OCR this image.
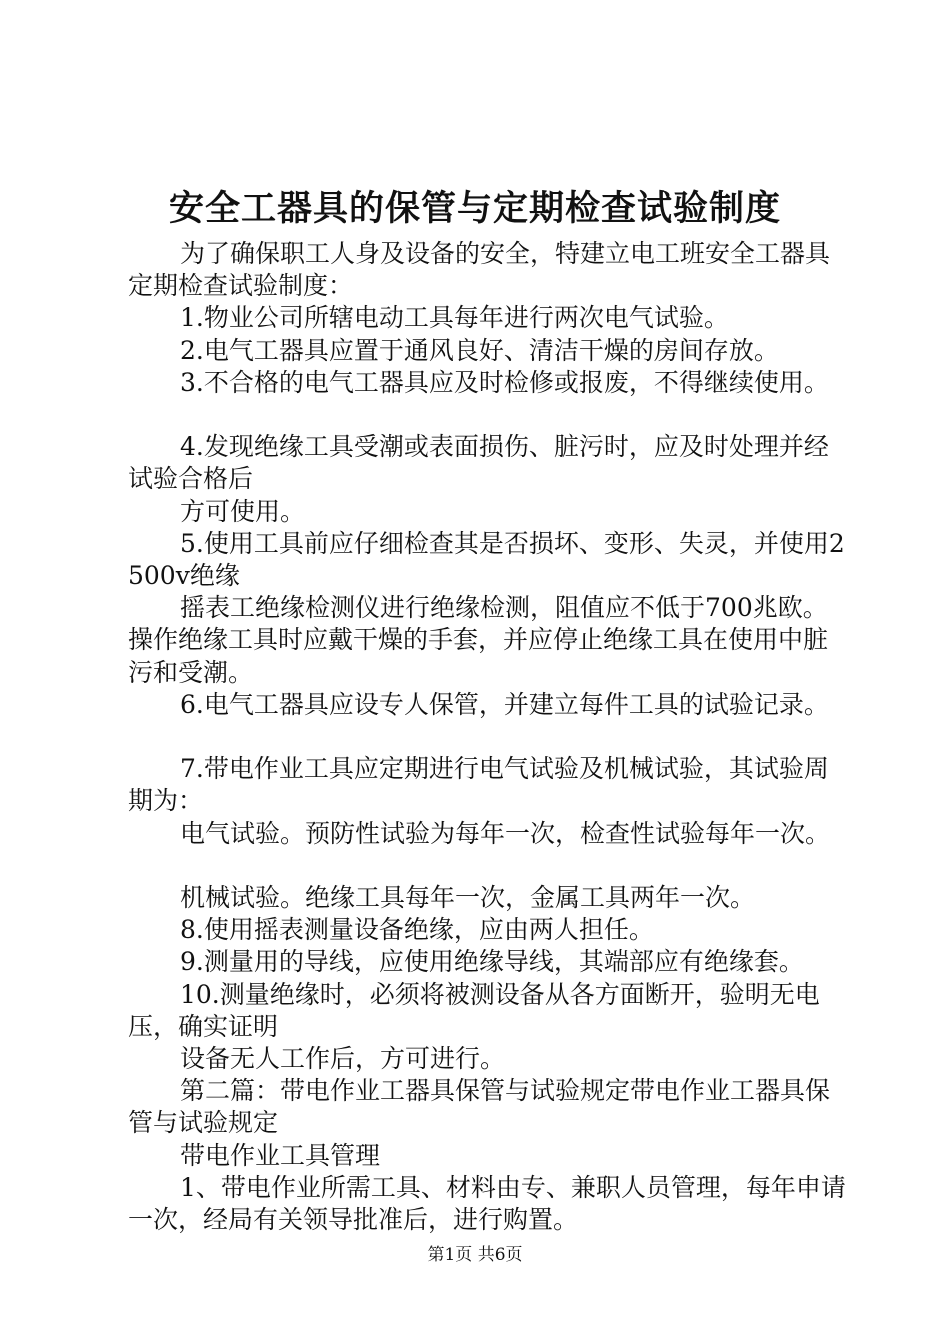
安全工器具的保管与定期检查试验制度

为了确保职工人身及设备的安全，特建立电工班安全工器具定期检查试验制度：

1.物业公司所辖电动工具每年进行两次电气试验。

2.电气工器具应置于通风良好、清洁干燥的房间存放。

3.不合格的电气工器具应及时检修或报废，不得继续使用。

4.发现绝缘工具受潮或表面损伤、脏污时，应及时处理并经试验合格后

方可使用。

5.使用工具前应仔细检查其是否损坏、变形、失灵，并使用2500v绝缘

摇表工绝缘检测仪进行绝缘检测，阻值应不低于700兆欧。操作绝缘工具时应戴干燥的手套，并应停止绝缘工具在使用中脏污和受潮。

6.电气工器具应设专人保管，并建立每件工具的试验记录。

7.带电作业工具应定期进行电气试验及机械试验，其试验周期为：

电气试验。预防性试验为每年一次，检查性试验每年一次。

机械试验。绝缘工具每年一次，金属工具两年一次。

8.使用摇表测量设备绝缘，应由两人担任。

9.测量用的导线，应使用绝缘导线，其端部应有绝缘套。

10.测量绝缘时，必须将被测设备从各方面断开，验明无电压，确实证明

设备无人工作后，方可进行。

第二篇：带电作业工器具保管与试验规定带电作业工器具保管与试验规定

带电作业工具管理

1、带电作业所需工具、材料由专、兼职人员管理，每年申请一次，经局有关领导批准后，进行购置。

第1页 共6页
